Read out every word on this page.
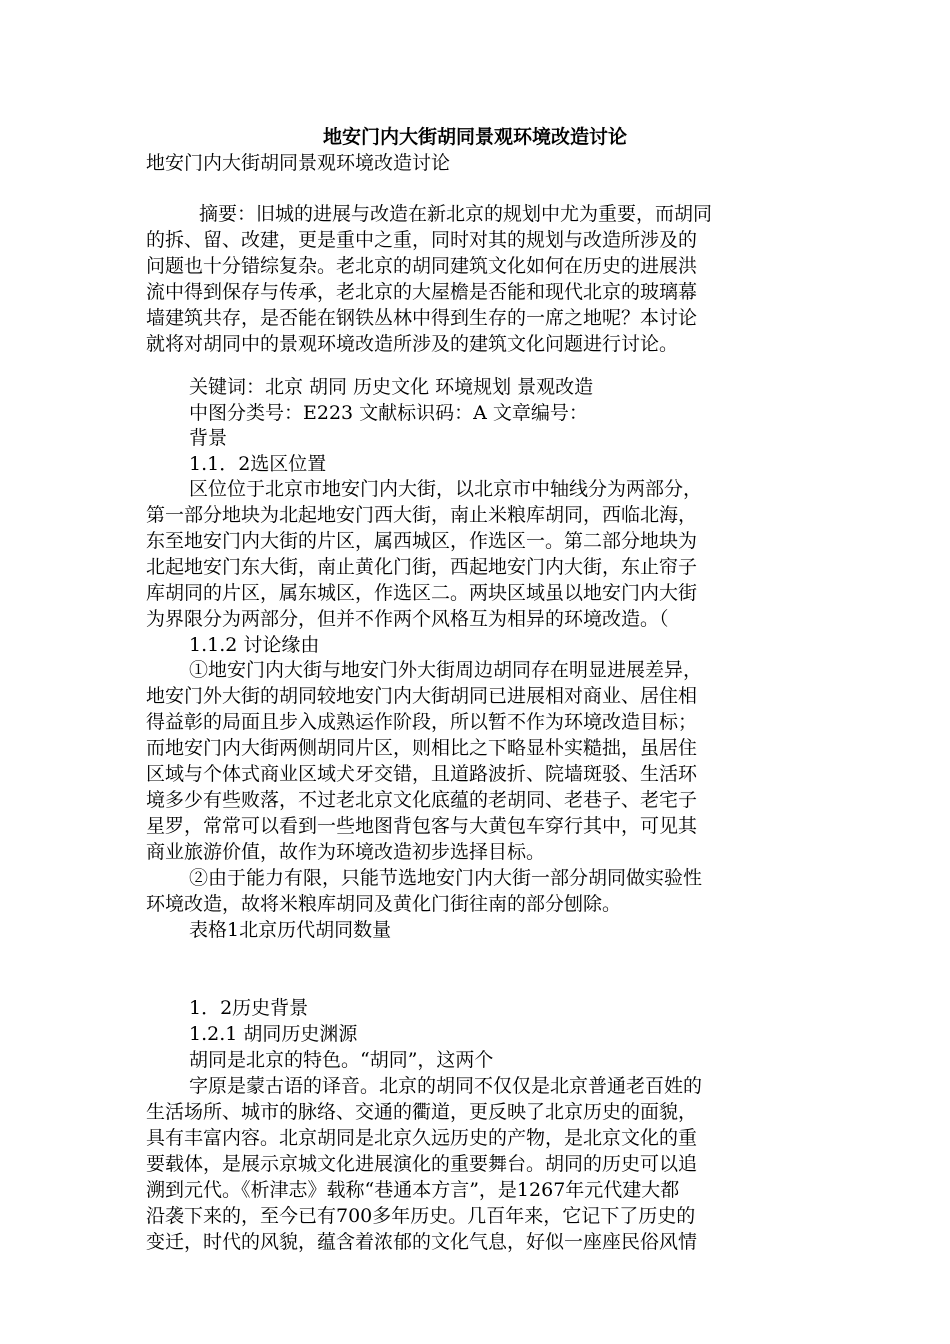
地安门内大街胡同景观环境改造讨论
地安门内大街胡同景观环境改造讨论
摘要：旧城的进展与改造在新北京的规划中尤为重要，而胡同
的拆、留、改建，更是重中之重，同时对其的规划与改造所涉及的
问题也十分错综复杂。老北京的胡同建筑文化如何在历史的进展洪
流中得到保存与传承，老北京的大屋檐是否能和现代北京的玻璃幕
墙建筑共存，是否能在钢铁丛林中得到生存的一席之地呢？本讨论
就将对胡同中的景观环境改造所涉及的建筑文化问题进行讨论。
关键词：北京 胡同 历史文化 环境规划 景观改造
中图分类号：E223 文献标识码：A 文章编号：
背景
1.1．2选区位置
区位位于北京市地安门内大街，以北京市中轴线分为两部分，
第一部分地块为北起地安门西大街，南止米粮库胡同，西临北海，
东至地安门内大街的片区，属西城区，作选区一。第二部分地块为
北起地安门东大街，南止黄化门街，西起地安门内大街，东止帘子
库胡同的片区，属东城区，作选区二。两块区域虽以地安门内大街
为界限分为两部分，但并不作两个风格互为相异的环境改造。（
1.1.2 讨论缘由
①地安门内大街与地安门外大街周边胡同存在明显进展差异，
地安门外大街的胡同较地安门内大街胡同已进展相对商业、居住相
得益彰的局面且步入成熟运作阶段，所以暂不作为环境改造目标；
而地安门内大街两侧胡同片区，则相比之下略显朴实糙拙，虽居住
区域与个体式商业区域犬牙交错，且道路波折、院墙斑驳、生活环
境多少有些败落，不过老北京文化底蕴的老胡同、老巷子、老宅子
星罗，常常可以看到一些地图背包客与大黄包车穿行其中，可见其
商业旅游价值，故作为环境改造初步选择目标。
②由于能力有限，只能节选地安门内大街一部分胡同做实验性
环境改造，故将米粮库胡同及黄化门街往南的部分刨除。
表格1北京历代胡同数量
1．2历史背景
1.2.1 胡同历史渊源
胡同是北京的特色。“胡同”，这两个
字原是蒙古语的译音。北京的胡同不仅仅是北京普通老百姓的
生活场所、城市的脉络、交通的衢道，更反映了北京历史的面貌，
具有丰富内容。北京胡同是北京久远历史的产物，是北京文化的重
要载体，是展示京城文化进展演化的重要舞台。胡同的历史可以追
溯到元代。《析津志》载称“巷通本方言”，是1267年元代建大都
沿袭下来的，至今已有700多年历史。几百年来，它记下了历史的
变迁，时代的风貌，蕴含着浓郁的文化气息，好似一座座民俗风情
